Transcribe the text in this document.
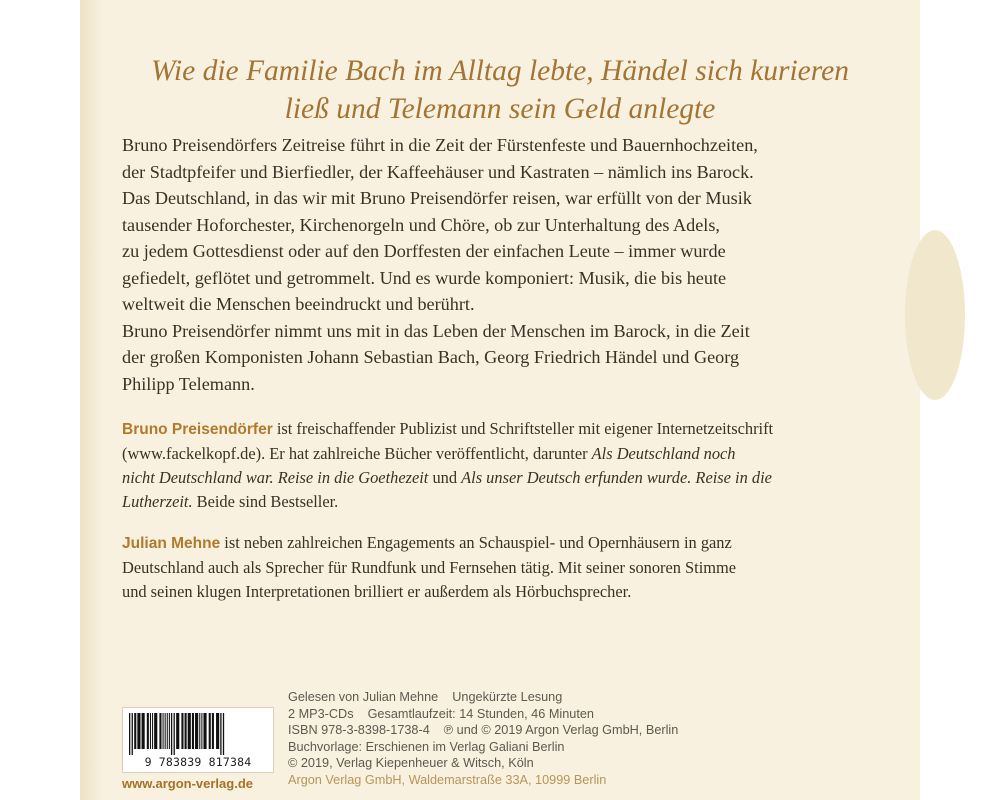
Wie die Familie Bach im Alltag lebte, Händel sich kurieren
ließ und Telemann sein Geld anlegte

Bruno Preisendörfers Zeitreise führt in die Zeit der Fürstenfeste und Bauernhochzeiten,

der Stadtpfeifer und Bierfiedler, der Kaffeehäuser und Kastraten – nämlich ins Barock.

Das Deutschland, in das wir mit Bruno Preisendörfer reisen, war erfüllt von der Musik

tausender Hoforchester, Kirchenorgeln und Chöre, ob zur Unterhaltung des Adels,

zu jedem Gottesdienst oder auf den Dorffesten der einfachen Leute – immer wurde

gefiedelt, geflötet und getrommelt. Und es wurde komponiert: Musik, die bis heute

weltweit die Menschen beeindruckt und berührt.

Bruno Preisendörfer nimmt uns mit in das Leben der Menschen im Barock, in die Zeit

der großen Komponisten Johann Sebastian Bach, Georg Friedrich Händel und Georg

Philipp Telemann.

Bruno Preisendörfer ist freischaffender Publizist und Schriftsteller mit eigener Internetzeitschrift

(www.fackelkopf.de). Er hat zahlreiche Bücher veröffentlicht, darunter Als Deutschland noch

nicht Deutschland war. Reise in die Goethezeit und Als unser Deutsch erfunden wurde. Reise in die

Lutherzeit. Beide sind Bestseller.

Julian Mehne ist neben zahlreichen Engagements an Schauspiel- und Opernhäusern in ganz

Deutschland auch als Sprecher für Rundfunk und Fernsehen tätig. Mit seiner sonoren Stimme

und seinen klugen Interpretationen brilliert er außerdem als Hörbuchsprecher.

9 783839 817384
www.argon-verlag.de

Gelesen von Julian Mehne Ungekürzte Lesung

2 MP3-CDs Gesamtlaufzeit: 14 Stunden, 46 Minuten

ISBN 978-3-8398-1738-4 ℗ und © 2019 Argon Verlag GmbH, Berlin

Buchvorlage: Erschienen im Verlag Galiani Berlin

© 2019, Verlag Kiepenheuer & Witsch, Köln

Argon Verlag GmbH, Waldemarstraße 33A, 10999 Berlin
